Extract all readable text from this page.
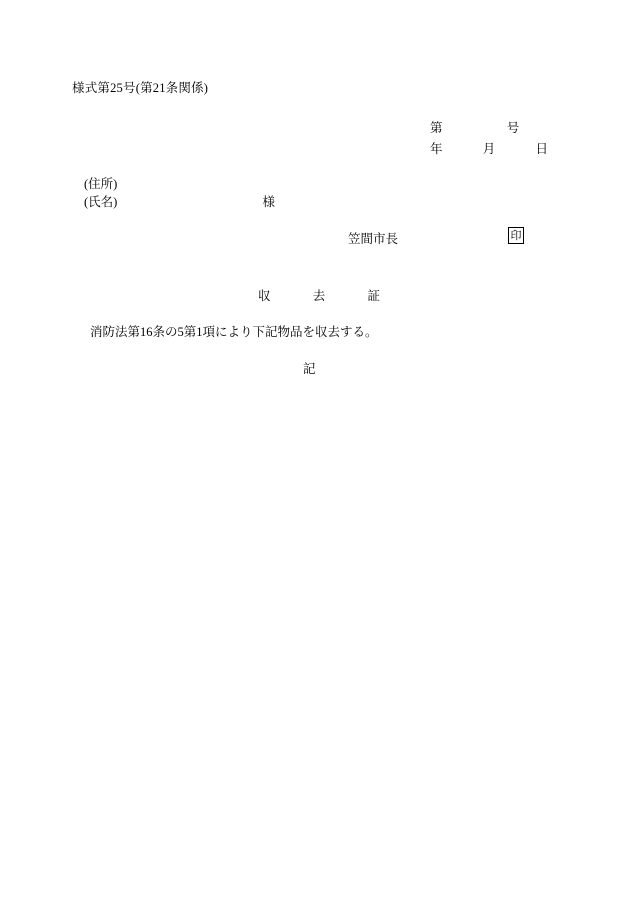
様式第25号(第21条関係)
第	号
年	月	日
(住所)
(氏名)	様
笠間市長	印
収	去	証
消防法第16条の5第1項により下記物品を収去する。
記
